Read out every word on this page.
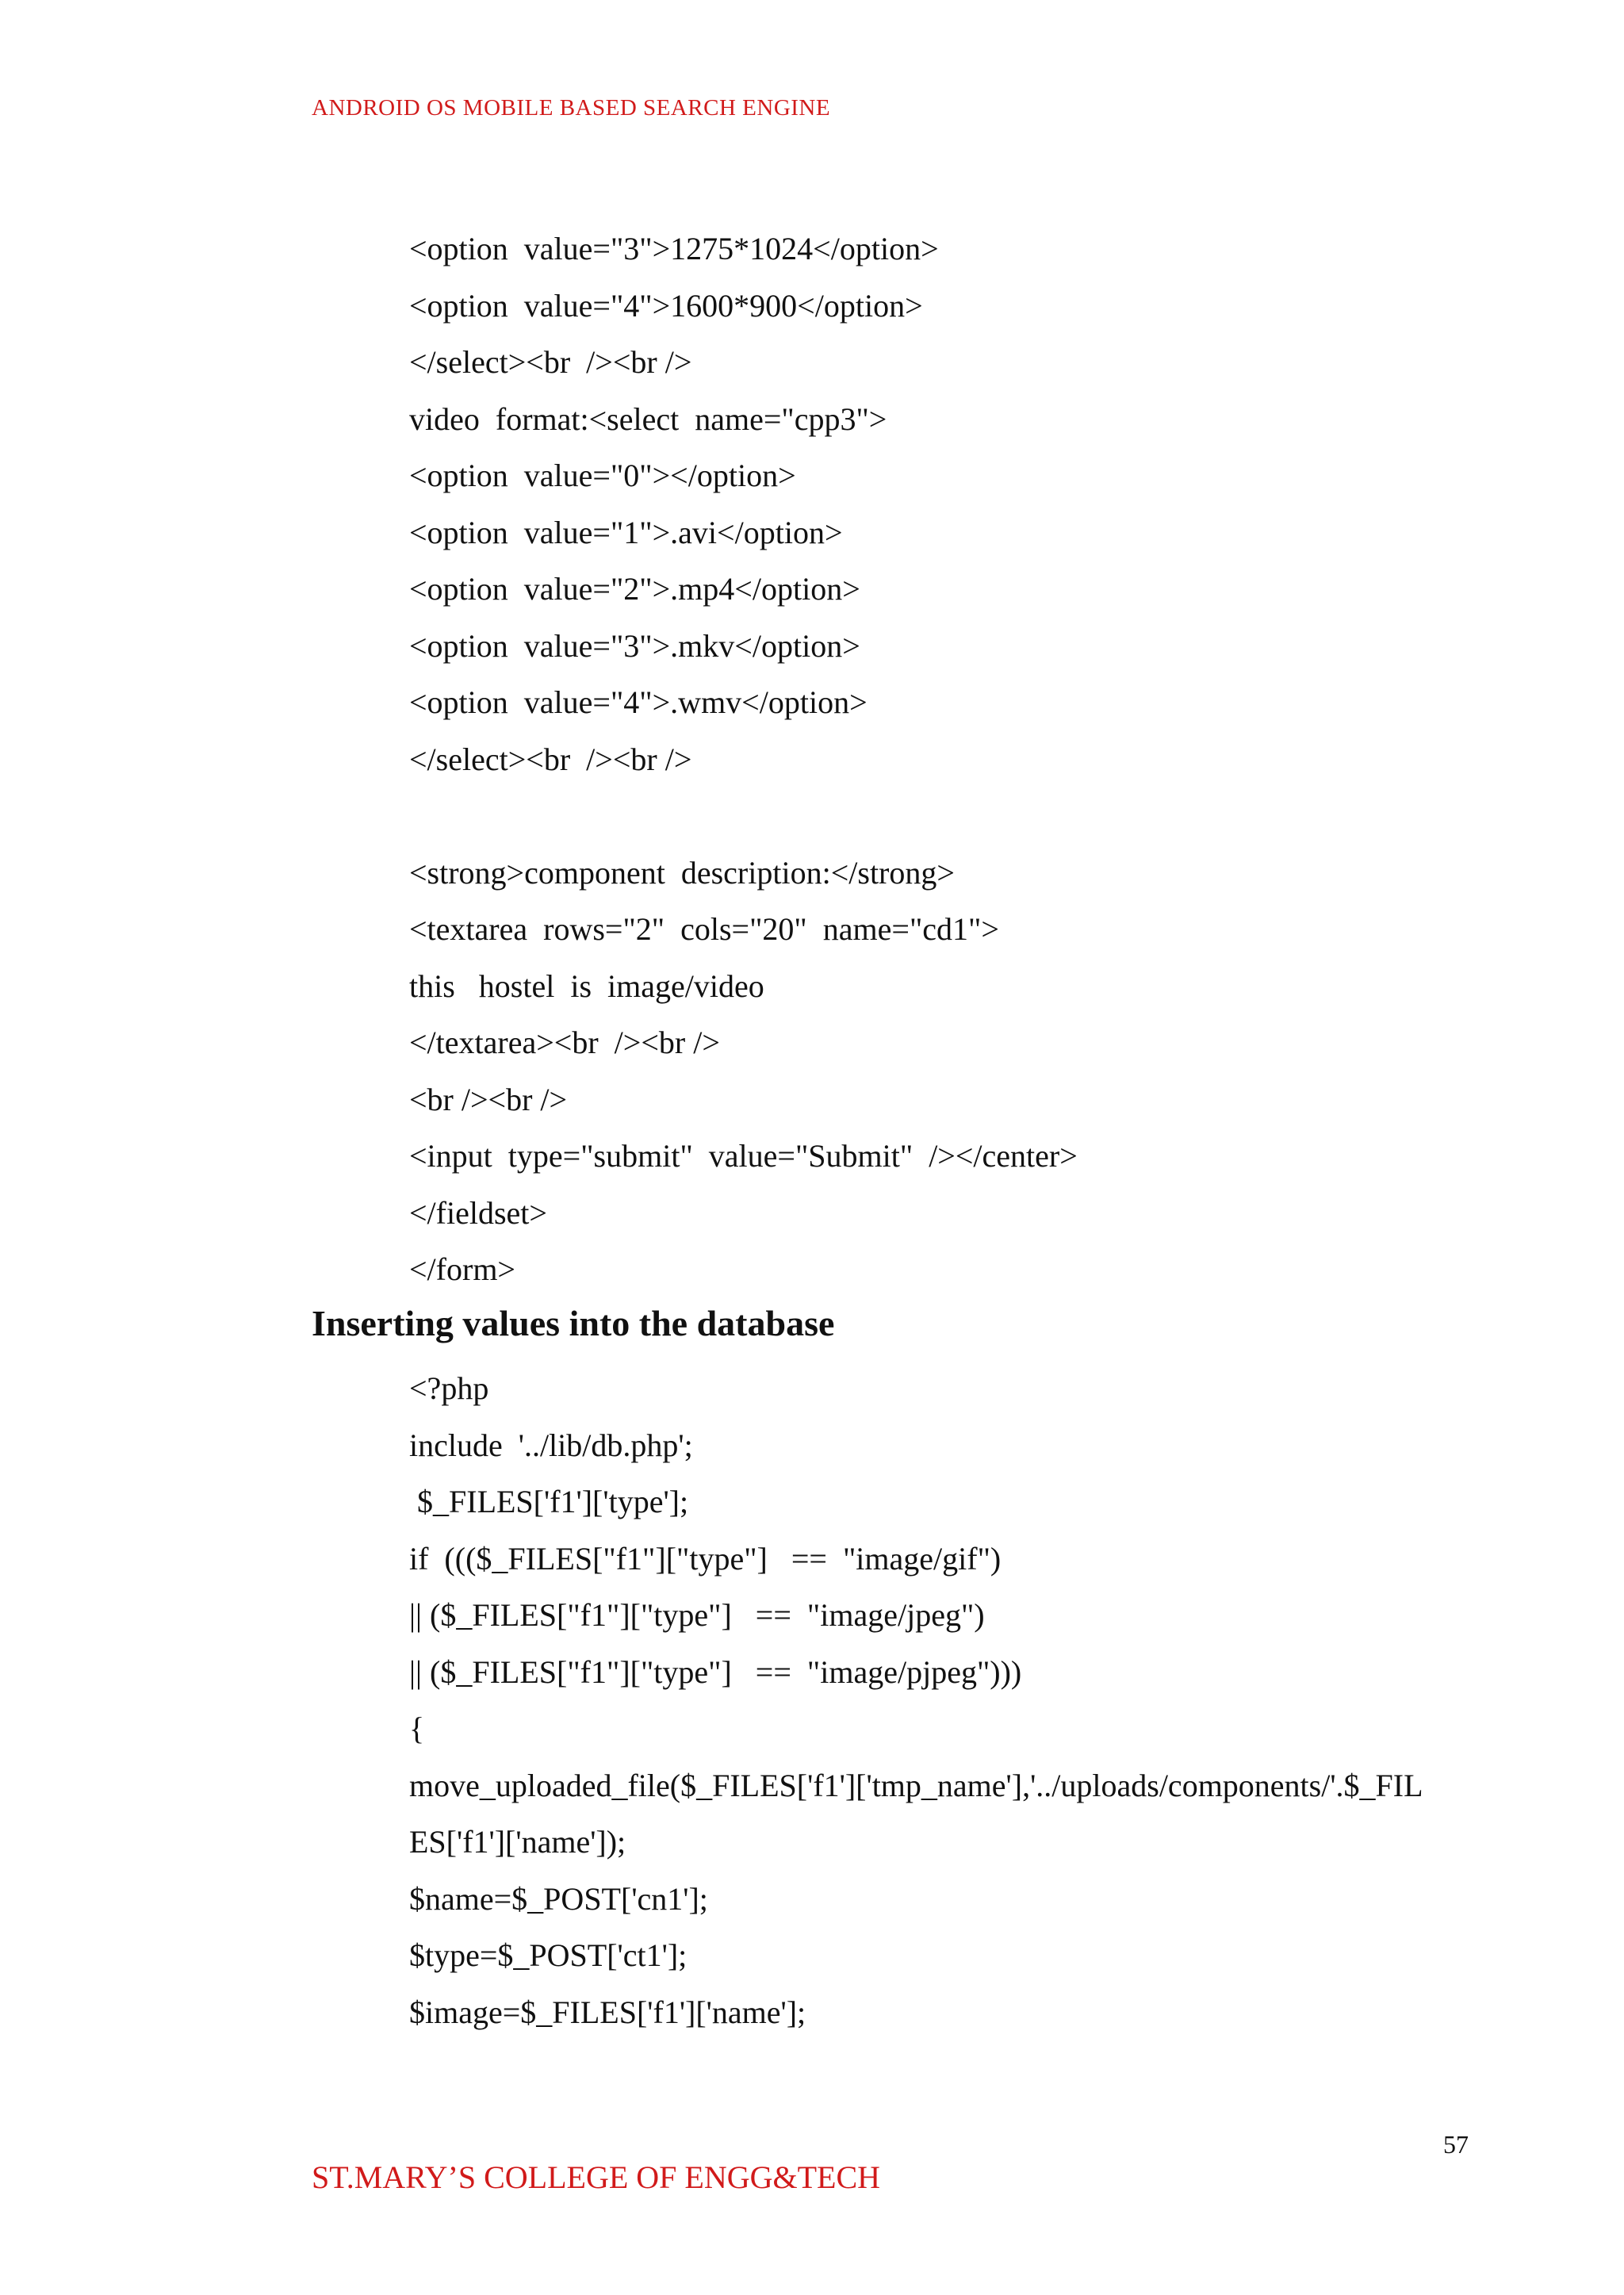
ANDROID OS MOBILE BASED SEARCH ENGINE
<option  value="3">1275*1024</option>
<option  value="4">1600*900</option>
</select><br  /><br />
video  format:<select  name="cpp3">
<option  value="0"></option>
<option  value="1">.avi</option>
<option  value="2">.mp4</option>
<option  value="3">.mkv</option>
<option  value="4">.wmv</option>
</select><br  /><br />
<strong>component  description:</strong>
<textarea  rows="2"  cols="20"  name="cd1">
this   hostel  is  image/video
</textarea><br  /><br />
<br /><br />
<input  type="submit"  value="Submit"  /></center>
</fieldset>
</form>
Inserting values into the database
<?php
include  '../lib/db.php';
$_FILES['f1']['type'];
if  ((($_FILES["f1"]["type"]   ==  "image/gif")
|| ($_FILES["f1"]["type"]   ==  "image/jpeg")
|| ($_FILES["f1"]["type"]   ==  "image/pjpeg")))
{
move_uploaded_file($_FILES['f1']['tmp_name'],'../uploads/components/'.$_FIL
ES['f1']['name']);
$name=$_POST['cn1'];
$type=$_POST['ct1'];
$image=$_FILES['f1']['name'];
57
ST.MARY’S COLLEGE OF ENGG&TECH
